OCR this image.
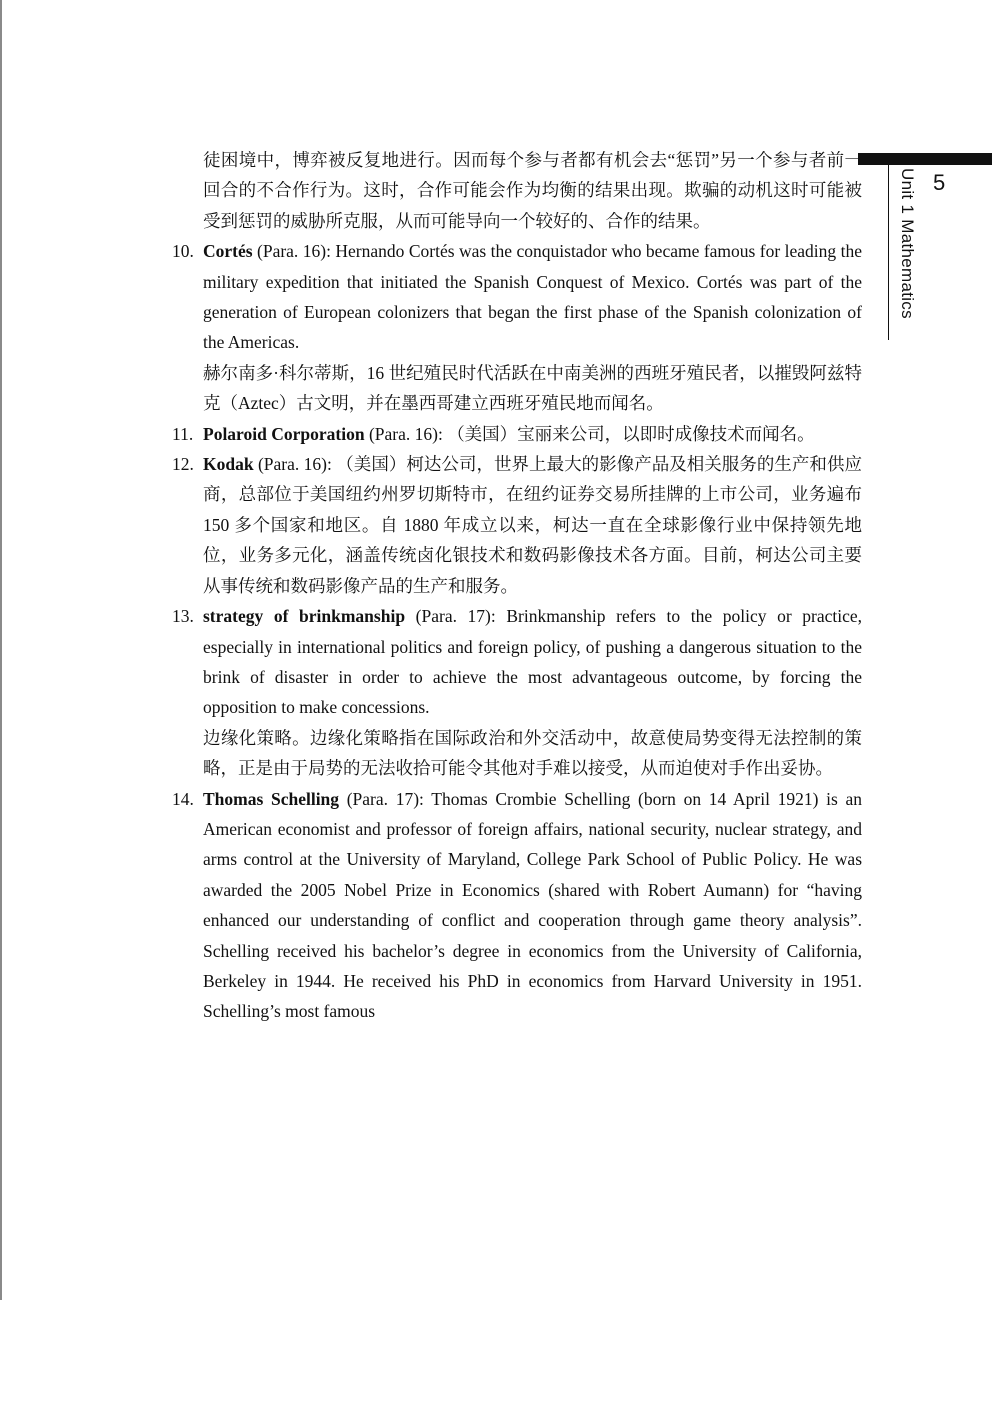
5
Unit 1 Mathematics

徒困境中，博弈被反复地进行。因而每个参与者都有机会去“惩罚”另一个参与者前一回合的不合作行为。这时，合作可能会作为均衡的结果出现。欺骗的动机这时可能被受到惩罚的威胁所克服，从而可能导向一个较好的、合作的结果。

10. Cortés (Para. 16): Hernando Cortés was the conquistador who became famous for leading the military expedition that initiated the Spanish Conquest of Mexico. Cortés was part of the generation of European colonizers that began the first phase of the Spanish colonization of the Americas.

赫尔南多·科尔蒂斯，16 世纪殖民时代活跃在中南美洲的西班牙殖民者，以摧毁阿兹特克（Aztec）古文明，并在墨西哥建立西班牙殖民地而闻名。

11. Polaroid Corporation (Para. 16): （美国）宝丽来公司，以即时成像技术而闻名。

12. Kodak (Para. 16): （美国）柯达公司，世界上最大的影像产品及相关服务的生产和供应商，总部位于美国纽约州罗切斯特市，在纽约证券交易所挂牌的上市公司，业务遍布 150 多个国家和地区。自 1880 年成立以来，柯达一直在全球影像行业中保持领先地位，业务多元化，涵盖传统卤化银技术和数码影像技术各方面。目前，柯达公司主要从事传统和数码影像产品的生产和服务。

13. strategy of brinkmanship (Para. 17): Brinkmanship refers to the policy or practice, especially in international politics and foreign policy, of pushing a dangerous situation to the brink of disaster in order to achieve the most advantageous outcome, by forcing the opposition to make concessions.

边缘化策略。边缘化策略指在国际政治和外交活动中，故意使局势变得无法控制的策略，正是由于局势的无法收拾可能令其他对手难以接受，从而迫使对手作出妥协。

14. Thomas Schelling (Para. 17): Thomas Crombie Schelling (born on 14 April 1921) is an American economist and professor of foreign affairs, national security, nuclear strategy, and arms control at the University of Maryland, College Park School of Public Policy. He was awarded the 2005 Nobel Prize in Economics (shared with Robert Aumann) for “having enhanced our understanding of conflict and cooperation through game theory analysis”. Schelling received his bachelor’s degree in economics from the University of California, Berkeley in 1944. He received his PhD in economics from Harvard University in 1951. Schelling’s most famous
